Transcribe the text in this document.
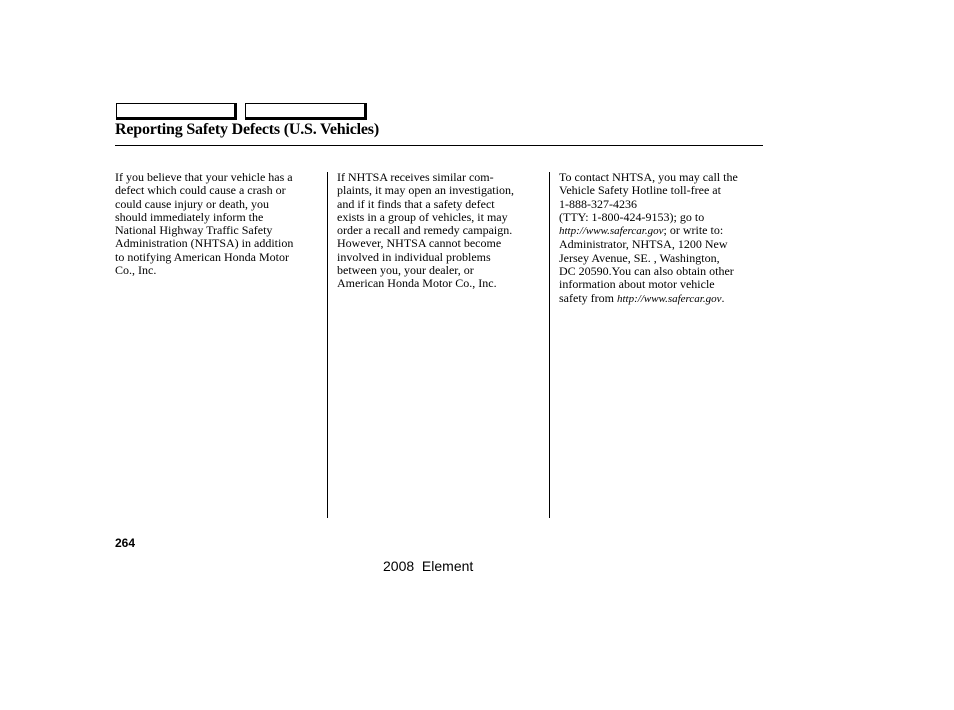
Reporting Safety Defects (U.S. Vehicles)

If you believe that your vehicle has a
defect which could cause a crash or
could cause injury or death, you
should immediately inform the
National Highway Traffic Safety
Administration (NHTSA) in addition
to notifying American Honda Motor
Co., Inc.

If NHTSA receives similar com-
plaints, it may open an investigation,
and if it finds that a safety defect
exists in a group of vehicles, it may
order a recall and remedy campaign.
However, NHTSA cannot become
involved in individual problems
between you, your dealer, or
American Honda Motor Co., Inc.

To contact NHTSA, you may call the
Vehicle Safety Hotline toll-free at
1-888-327-4236
(TTY: 1-800-424-9153); go to
http://www.safercar.gov; or write to:
Administrator, NHTSA, 1200 New
Jersey Avenue, SE. , Washington,
DC 20590.You can also obtain other
information about motor vehicle
safety from http://www.safercar.gov.

264
2008  Element
